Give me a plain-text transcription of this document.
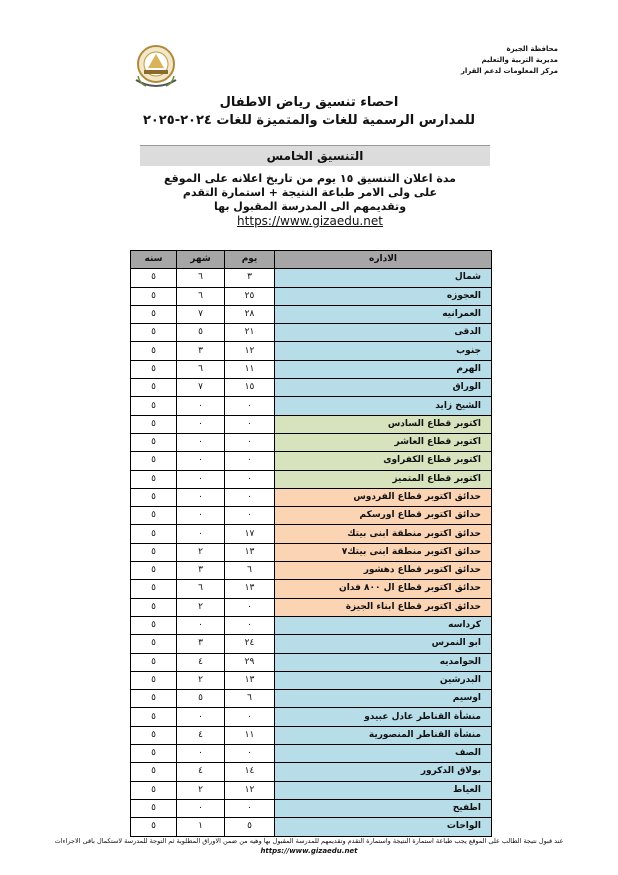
محافظة الجيزة
مديرية التربية والتعليم
مركز المعلومات لدعم القرار
احصاء تنسيق رياض الاطفال
للمدارس الرسمية للغات والمتميزة للغات ٢٠٢٤-٢٠٢٥
التنسيق الخامس
مدة اعلان التنسيق ١٥ يوم من تاريخ اعلانه على الموقع
على ولى الامر طباعة النتيجة + استمارة التقدم
وتقديمهم الى المدرسة المقبول بها
https://www.gizaedu.net
سنه	شهر	يوم	الاداره
٥	٦	٣	شمال
٥	٦	٢٥	العجوزه
٥	٧	٢٨	العمرانيه
٥	٥	٢١	الدقى
٥	٣	١٢	جنوب
٥	٦	١١	الهرم
٥	٧	١٥	الوراق
٥	٠	٠	الشيخ زايد
٥	٠	٠	اكتوبر قطاع السادس
٥	٠	٠	اكتوبر قطاع العاشر
٥	٠	٠	اكتوبر قطاع الكفراوى
٥	٠	٠	اكتوبر قطاع المتميز
٥	٠	٠	حدائق اكتوبر قطاع الفردوس
٥	٠	٠	حدائق اكتوبر قطاع اورسكم
٥	٠	١٧	حدائق اكتوبر منطقة ابنى بيتك
٥	٢	١٣	حدائق اكتوبر منطقة ابنى بيتك٧
٥	٣	٦	حدائق اكتوبر قطاع دهشور
٥	٦	١٣	حدائق اكتوبر قطاع ال ٨٠٠ فدان
٥	٢	٠	حدائق اكتوبر قطاع ابناء الجيزة
٥	٠	٠	كرداسه
٥	٣	٢٤	ابو النمرس
٥	٤	٢٩	الحوامديه
٥	٢	١٣	البدرشين
٥	٥	٦	اوسيم
٥	٠	٠	منشأة القناطر عادل عبيدو
٥	٤	١١	منشأة القناطر المنصورية
٥	٠	٠	الصف
٥	٤	١٤	بولاق الدكرور
٥	٢	١٢	العياط
٥	٠	٠	اطفيح
٥	١	٥	الواحات
عند قبول نتيجة الطالب على الموقع يجب طباعة استمارة النتيجة واستمارة التقدم وتقديمهم للمدرسة المقبول بها وهيه من ضمن الاوراق المطلوبة ثم التوجة للمدرسة لاستكمال باقى الاجراءات
https://www.gizaedu.net
